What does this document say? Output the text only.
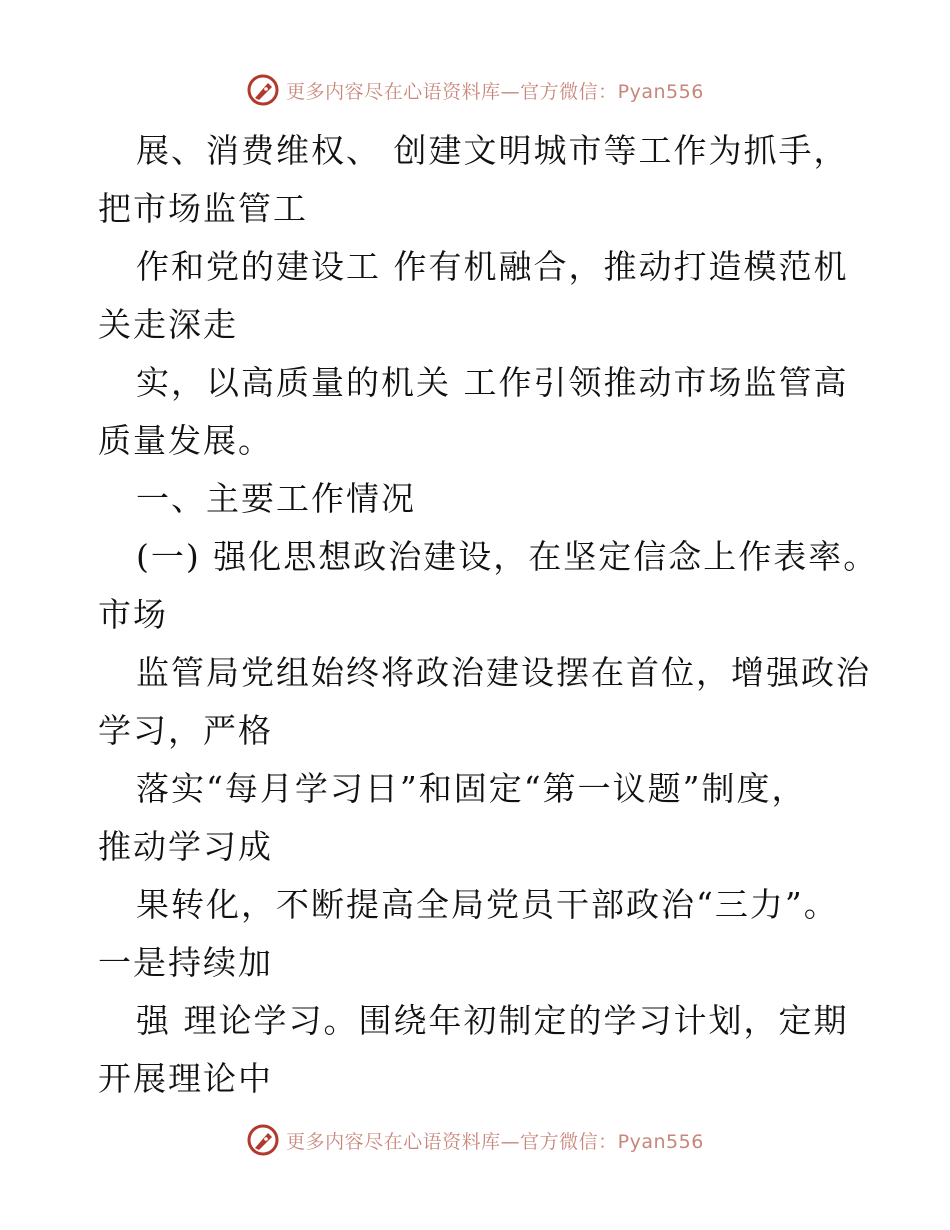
更多内容尽在心语资料库—官方微信：Pyan556
展、消费维权、 创建文明城市等工作为抓手，
把市场监管工
作和党的建设工 作有机融合，推动打造模范机
关走深走
实，以高质量的机关 工作引领推动市场监管高
质量发展。
一、主要工作情况
(一) 强化思想政治建设，在坚定信念上作表率。
市场
监管局党组始终将政治建设摆在首位，增强政治
学习，严格
落实“每月学习日”和固定“第一议题”制度，
推动学习成
果转化，不断提高全局党员干部政治“三力”。
一是持续加
强 理论学习。围绕年初制定的学习计划，定期
开展理论中
更多内容尽在心语资料库—官方微信：Pyan556
